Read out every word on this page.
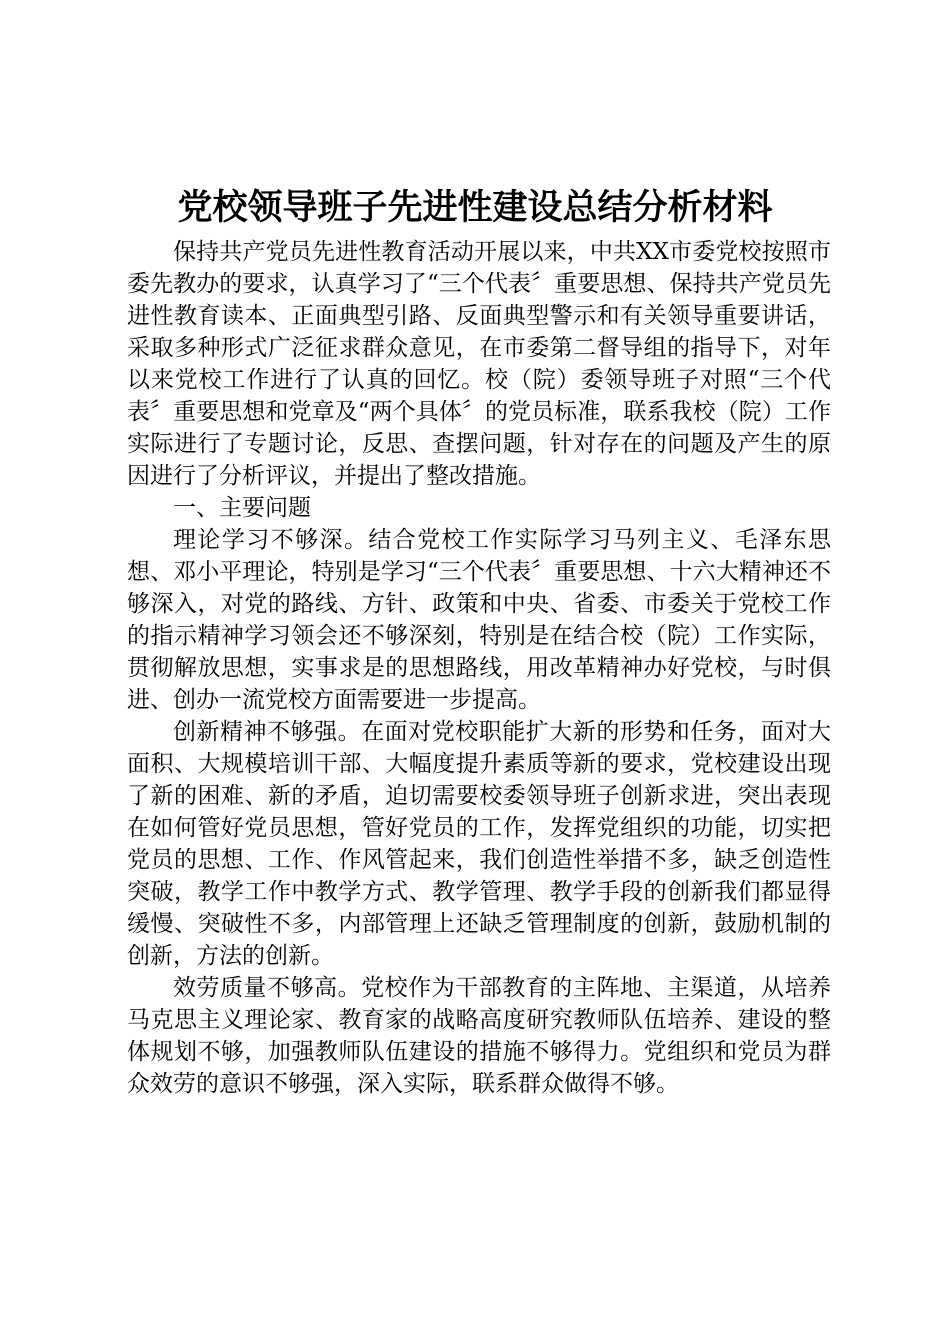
党校领导班子先进性建设总结分析材料

保持共产党员先进性教育活动开展以来，中共XX市委党校按照市委先教办的要求，认真学习了“三个代表〞重要思想、保持共产党员先进性教育读本、正面典型引路、反面典型警示和有关领导重要讲话，采取多种形式广泛征求群众意见，在市委第二督导组的指导下，对年以来党校工作进行了认真的回忆。校（院）委领导班子对照“三个代表〞重要思想和党章及“两个具体〞的党员标准，联系我校（院）工作实际进行了专题讨论，反思、查摆问题，针对存在的问题及产生的原因进行了分析评议，并提出了整改措施。

一、主要问题

理论学习不够深。结合党校工作实际学习马列主义、毛泽东思想、邓小平理论，特别是学习“三个代表〞重要思想、十六大精神还不够深入，对党的路线、方针、政策和中央、省委、市委关于党校工作的指示精神学习领会还不够深刻，特别是在结合校（院）工作实际，贯彻解放思想，实事求是的思想路线，用改革精神办好党校，与时俱进、创办一流党校方面需要进一步提高。

创新精神不够强。在面对党校职能扩大新的形势和任务，面对大面积、大规模培训干部、大幅度提升素质等新的要求，党校建设出现了新的困难、新的矛盾，迫切需要校委领导班子创新求进，突出表现在如何管好党员思想，管好党员的工作，发挥党组织的功能，切实把党员的思想、工作、作风管起来，我们创造性举措不多，缺乏创造性突破，教学工作中教学方式、教学管理、教学手段的创新我们都显得缓慢、突破性不多，内部管理上还缺乏管理制度的创新，鼓励机制的创新，方法的创新。

效劳质量不够高。党校作为干部教育的主阵地、主渠道，从培养马克思主义理论家、教育家的战略高度研究教师队伍培养、建设的整体规划不够，加强教师队伍建设的措施不够得力。党组织和党员为群众效劳的意识不够强，深入实际，联系群众做得不够。
